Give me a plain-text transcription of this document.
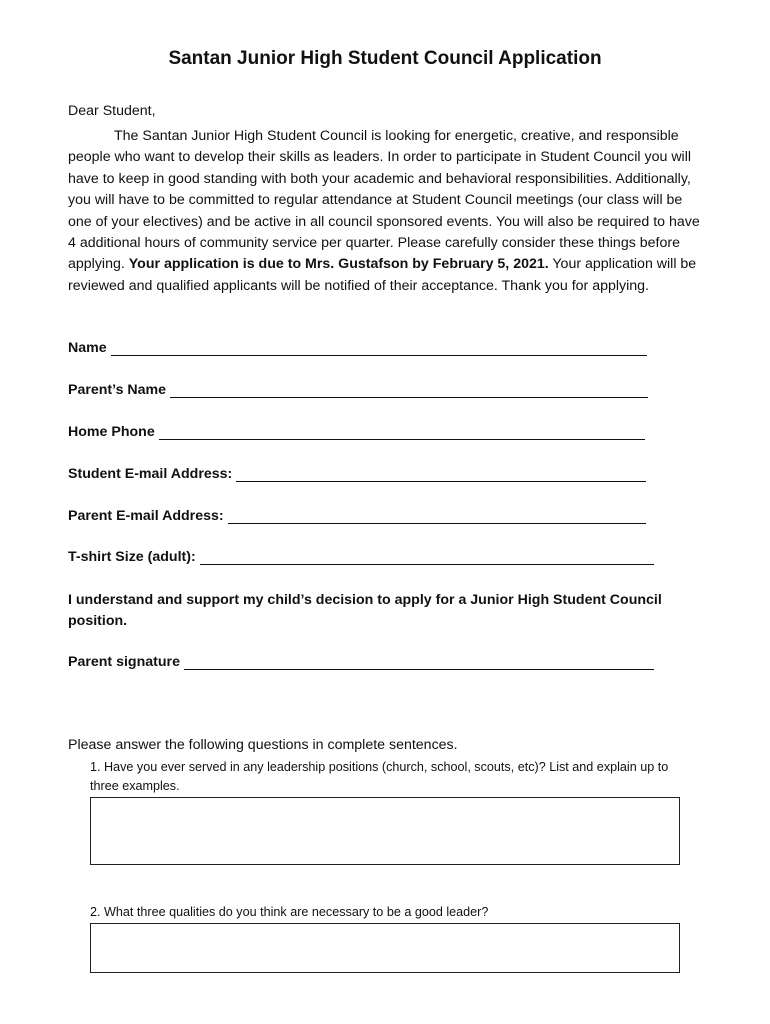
Santan Junior High Student Council Application
Dear Student,

The Santan Junior High Student Council is looking for energetic, creative, and responsible people who want to develop their skills as leaders. In order to participate in Student Council you will have to keep in good standing with both your academic and behavioral responsibilities. Additionally, you will have to be committed to regular attendance at Student Council meetings (our class will be one of your electives) and be active in all council sponsored events. You will also be required to have 4 additional hours of community service per quarter. Please carefully consider these things before applying. Your application is due to Mrs. Gustafson by February 5, 2021. Your application will be reviewed and qualified applicants will be notified of their acceptance. Thank you for applying.

Name
Parent’s Name
Home Phone
Student E-mail Address:
Parent E-mail Address:
T-shirt Size (adult):

I understand and support my child’s decision to apply for a Junior High Student Council position.

Parent signature
Please answer the following questions in complete sentences.

1. Have you ever served in any leadership positions (church, school, scouts, etc)? List and explain up to three examples.

2. What three qualities do you think are necessary to be a good leader?
